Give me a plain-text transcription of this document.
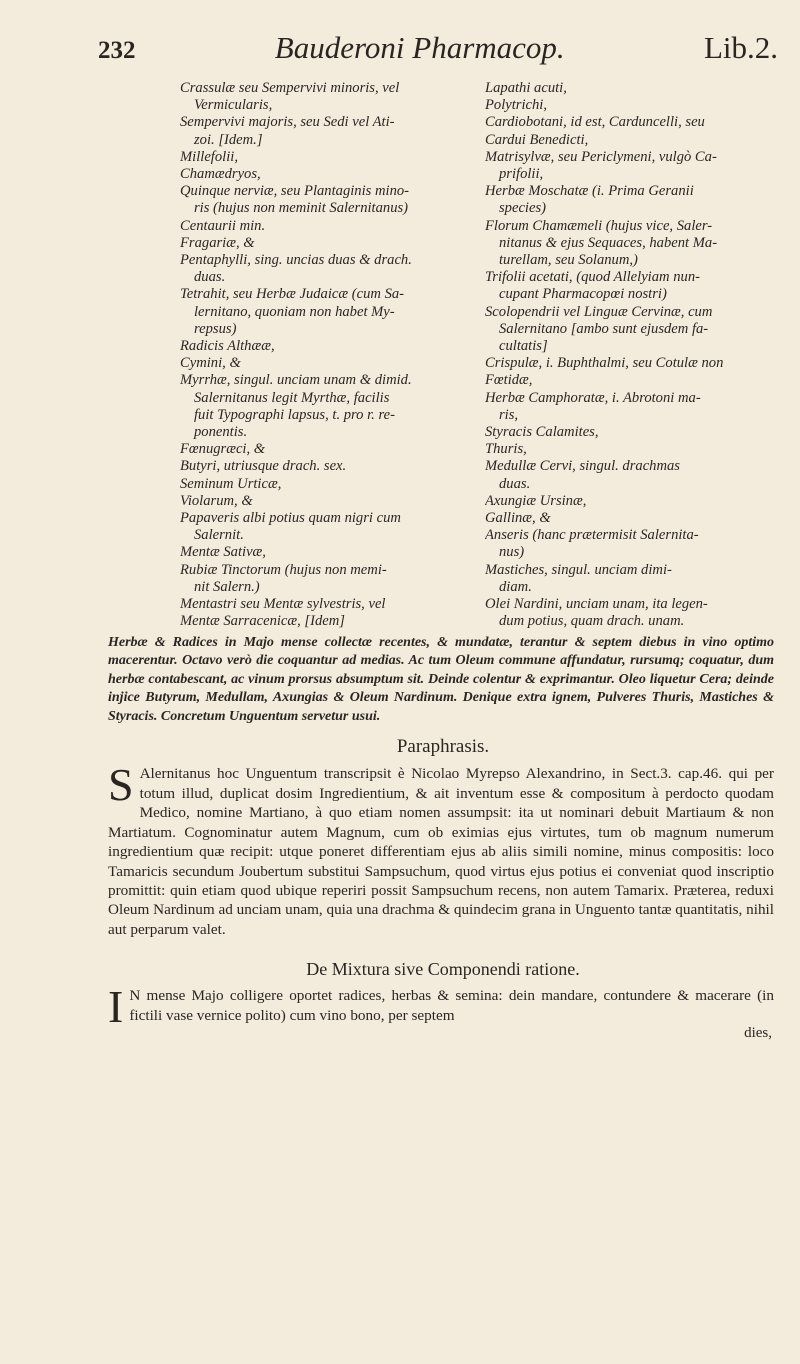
232	Bauderoni Pharmacop.	Lib.2.
Crassulæ seu Sempervivi minoris, vel
Vermicularis,
Sempervivi majoris, seu Sedi vel Ati-
zoi. [Idem.]
Millefolii,
Chamædryos,
Quinque nerviæ, seu Plantaginis mino-
ris (hujus non meminit Salernitanus)
Centaurii min.
Fragariæ, &
Pentaphylli, sing. uncias duas & drach.
duas.
Tetrahit, seu Herbæ Judaicæ (cum Sa-
lernitano, quoniam non habet My-
repsus)
Radicis Althææ,
Cymini, &
Myrrhæ, singul. unciam unam & dimid.
Salernitanus legit Myrthæ, facilis
fuit Typographi lapsus, t. pro r. re-
ponentis.
Fœnugræci, &
Butyri, utriusque drach. sex.
Seminum Urticæ,
Violarum, &
Papaveris albi potius quam nigri cum
Salernit.
Mentæ Sativæ,
Rubiæ Tinctorum (hujus non memi-
nit Salern.)
Mentastri seu Mentæ sylvestris, vel
Mentæ Sarracenicæ, [Idem]
Lapathi acuti,
Polytrichi,
Cardiobotani, id est, Carduncelli, seu
Cardui Benedicti,
Matrisylvæ, seu Periclymeni, vulgò Ca-
prifolii,
Herbæ Moschatæ (i. Prima Geranii
species)
Florum Chamæmeli (hujus vice, Saler-
nitanus & ejus Sequaces, habent Ma-
turellam, seu Solanum,)
Trifolii acetati, (quod Allelyiam nun-
cupant Pharmacopœi nostri)
Scolopendrii vel Linguæ Cervinæ, cum
Salernitano [ambo sunt ejusdem fa-
cultatis]
Crispulæ, i. Buphthalmi, seu Cotulæ non
Fœtidæ,
Herbæ Camphoratæ, i. Abrotoni ma-
ris,
Styracis Calamites,
Thuris,
Medullæ Cervi, singul. drachmas
duas.
Axungiæ Ursinæ,
Gallinæ, &
Anseris (hanc prætermisit Salernita-
nus)
Mastiches, singul. unciam dimi-
diam.
Olei Nardini, unciam unam, ita legen-
dum potius, quam drach. unam.
Herbæ & Radices in Majo mense collectæ recentes, & mundatæ, terantur & septem diebus in vino optimo macerentur. Octavo verò die coquantur ad medias. Ac tum Oleum commune affundatur, rursumq; coquatur, dum herbæ contabescant, ac vinum prorsus absumptum sit. Deinde colentur & exprimantur. Oleo liquetur Cera; deinde injice Butyrum, Medullam, Axungias & Oleum Nardinum. Denique extra ignem, Pulveres Thuris, Mastiches & Styracis. Concretum Unguentum servetur usui.
Paraphrasis.
S Alernitanus hoc Unguentum transcripsit è Nicolao Myrepso Alexandrino, in Sect.3. cap.46. qui per totum illud, duplicat dosim Ingredientium, & ait inventum esse & compositum à perdocto quodam Medico, nomine Martiano, à quo etiam nomen assumpsit: ita ut nominari debuit Martiaum & non Martiatum. Cognominatur autem Magnum, cum ob eximias ejus virtutes, tum ob magnum numerum ingredientium quæ recipit: utque poneret differentiam ejus ab aliis simili nomine, minus compositis: loco Tamaricis secundum Joubertum substitui Sampsuchum, quod virtus ejus potius ei conveniat quod inscriptio promittit: quin etiam quod ubique reperiri possit Sampsuchum recens, non autem Tamarix. Præterea, reduxi Oleum Nardinum ad unciam unam, quia una drachma & quindecim grana in Unguento tantæ quantitatis, nihil aut perparum valet.
De Mixtura sive Componendi ratione.
I N mense Majo colligere oportet radices, herbas & semina: dein mandare, contundere & macerare (in fictili vase vernice polito) cum vino bono, per septem
dies,
